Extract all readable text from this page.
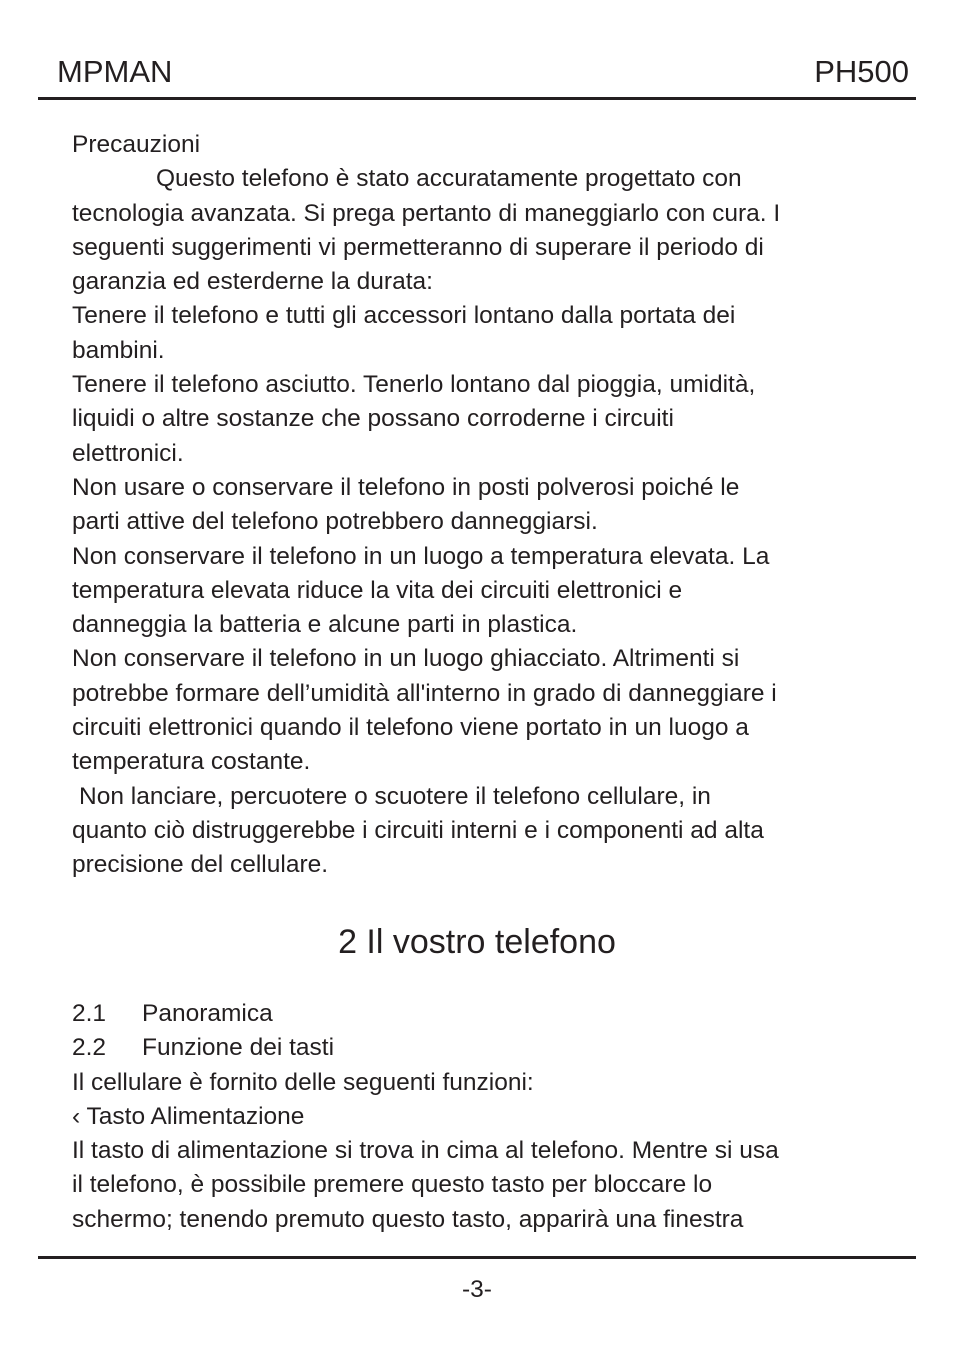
MPMAN	PH500
Precauzioni
Questo telefono è stato accuratamente progettato con
tecnologia avanzata. Si prega pertanto di maneggiarlo con cura. I
seguenti suggerimenti vi permetteranno di superare il periodo di
garanzia ed esterderne la durata:
Tenere il telefono e tutti gli accessori lontano dalla portata dei
bambini.
Tenere il telefono asciutto. Tenerlo lontano dal pioggia, umidità,
liquidi o altre sostanze che possano corroderne i circuiti
elettronici.
Non usare o conservare il telefono in posti polverosi poiché le
parti attive del telefono potrebbero danneggiarsi.
Non conservare il telefono in un luogo a temperatura elevata. La
temperatura elevata riduce la vita dei circuiti elettronici e
danneggia la batteria e alcune parti in plastica.
Non conservare il telefono in un luogo ghiacciato. Altrimenti si
potrebbe formare dell’umidità all'interno in grado di danneggiare i
circuiti elettronici quando il telefono viene portato in un luogo a
temperatura costante.
Non lanciare, percuotere o scuotere il telefono cellulare, in
quanto ciò distruggerebbe i circuiti interni e i componenti ad alta
precisione del cellulare.
2 Il vostro telefono
2.1 Panoramica
2.2 Funzione dei tasti
Il cellulare è fornito delle seguenti funzioni:
‹ Tasto Alimentazione
Il tasto di alimentazione si trova in cima al telefono. Mentre si usa
il telefono, è possibile premere questo tasto per bloccare lo
schermo; tenendo premuto questo tasto, apparirà una finestra
-3-
